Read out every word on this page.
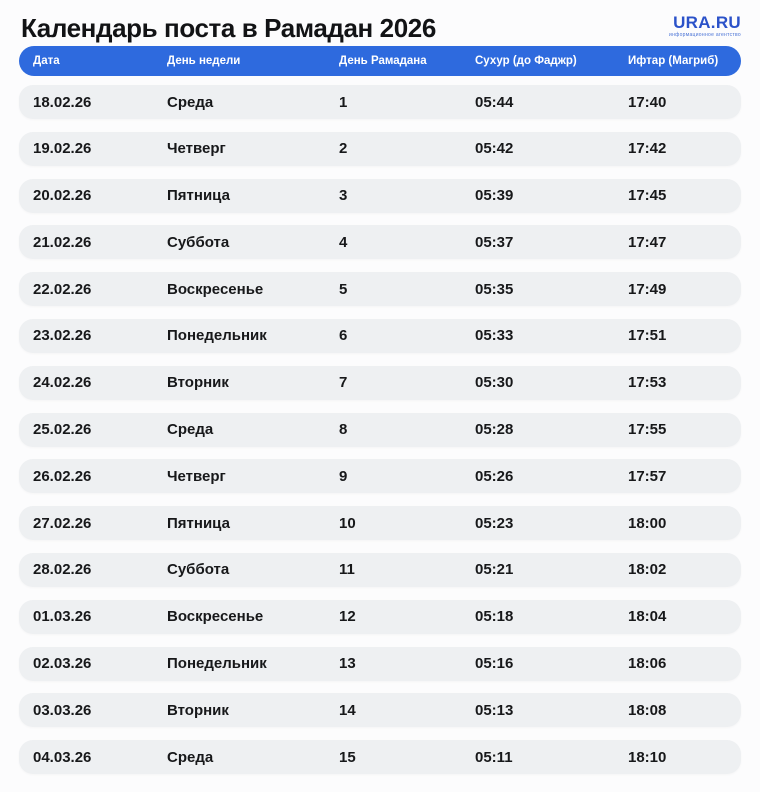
Календарь поста в Рамадан 2026	URA.RU
информационное агентство
Дата	День недели	День Рамадана	Сухур (до Фаджр)	Ифтар (Магриб)
18.02.26	Среда	1	05:44	17:40
19.02.26	Четверг	2	05:42	17:42
20.02.26	Пятница	3	05:39	17:45
21.02.26	Суббота	4	05:37	17:47
22.02.26	Воскресенье	5	05:35	17:49
23.02.26	Понедельник	6	05:33	17:51
24.02.26	Вторник	7	05:30	17:53
25.02.26	Среда	8	05:28	17:55
26.02.26	Четверг	9	05:26	17:57
27.02.26	Пятница	10	05:23	18:00
28.02.26	Суббота	11	05:21	18:02
01.03.26	Воскресенье	12	05:18	18:04
02.03.26	Понедельник	13	05:16	18:06
03.03.26	Вторник	14	05:13	18:08
04.03.26	Среда	15	05:11	18:10
